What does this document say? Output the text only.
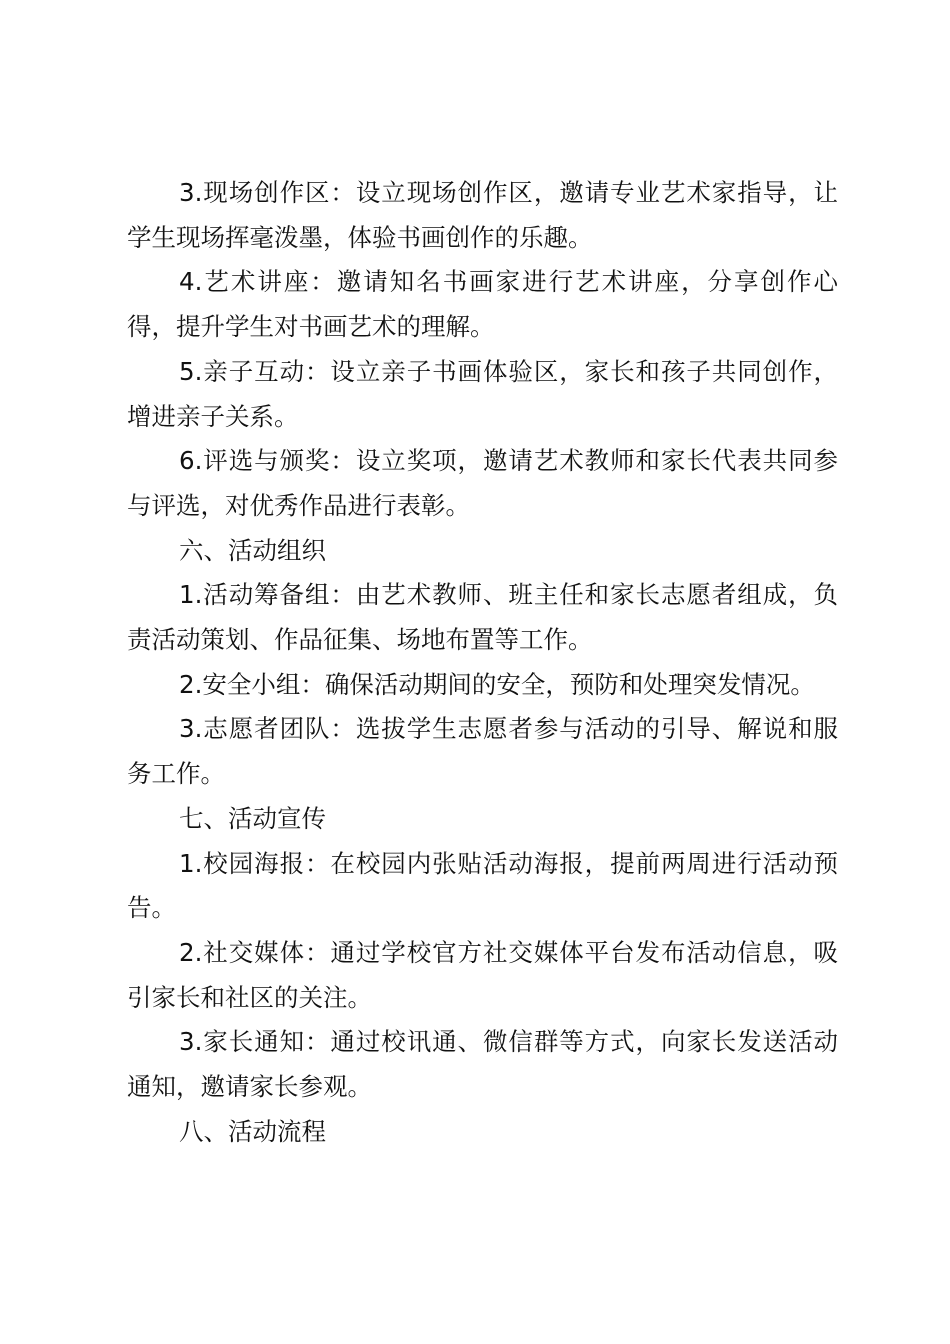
3.现场创作区：设立现场创作区，邀请专业艺术家指导，让学生现场挥毫泼墨，体验书画创作的乐趣。

4.艺术讲座：邀请知名书画家进行艺术讲座，分享创作心得，提升学生对书画艺术的理解。

5.亲子互动：设立亲子书画体验区，家长和孩子共同创作，增进亲子关系。

6.评选与颁奖：设立奖项，邀请艺术教师和家长代表共同参与评选，对优秀作品进行表彰。

六、活动组织

1.活动筹备组：由艺术教师、班主任和家长志愿者组成，负责活动策划、作品征集、场地布置等工作。

2.安全小组：确保活动期间的安全，预防和处理突发情况。

3.志愿者团队：选拔学生志愿者参与活动的引导、解说和服务工作。

七、活动宣传

1.校园海报：在校园内张贴活动海报，提前两周进行活动预告。

2.社交媒体：通过学校官方社交媒体平台发布活动信息，吸引家长和社区的关注。

3.家长通知：通过校讯通、微信群等方式，向家长发送活动通知，邀请家长参观。

八、活动流程
